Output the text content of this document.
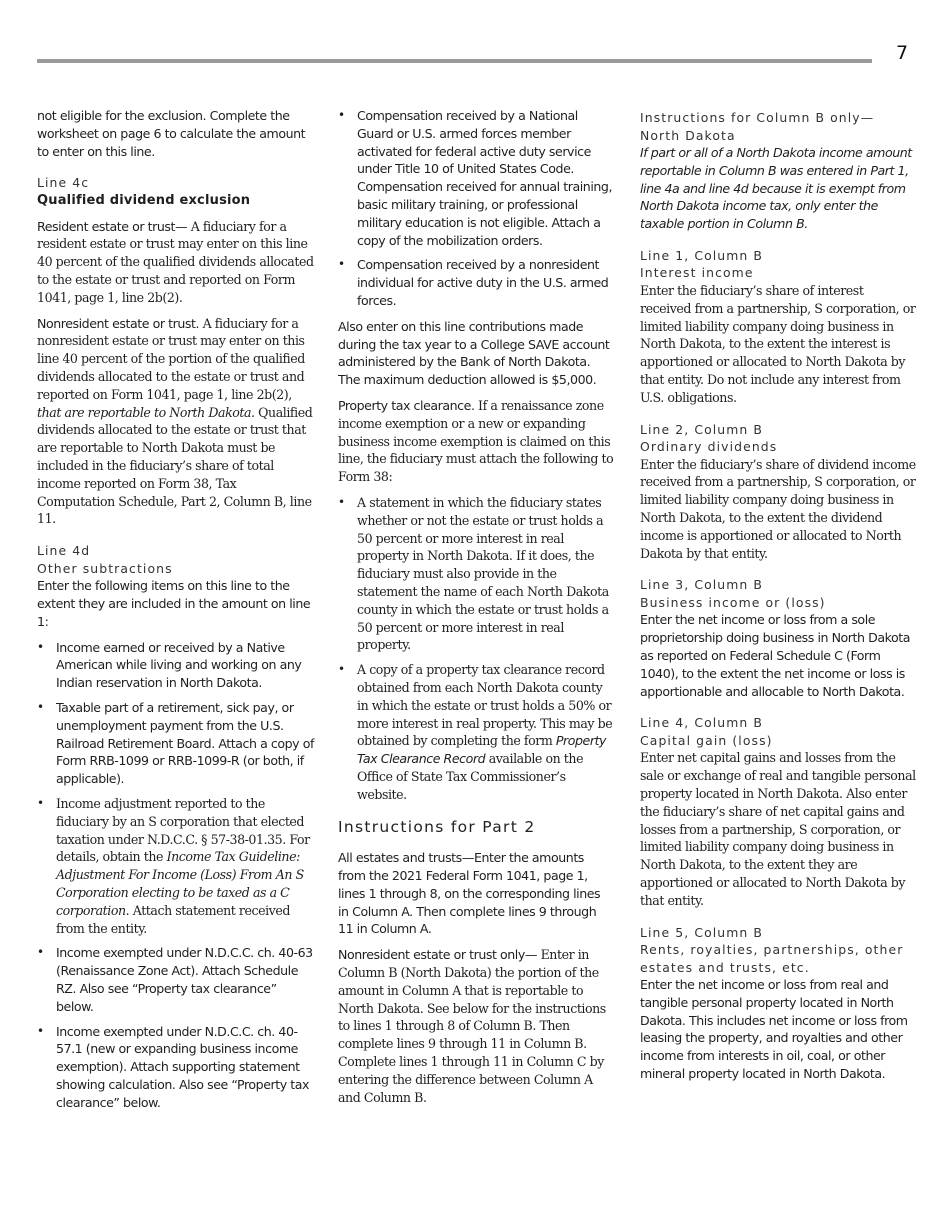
7

not eligible for the exclusion. Complete the worksheet on page 6 to calculate the amount to enter on this line.

Line 4c
Qualified dividend exclusion

Resident estate or trust— A fiduciary for a resident estate or trust may enter on this line 40 percent of the qualified dividends allocated to the estate or trust and reported on Form 1041, page 1, line 2b(2).

Nonresident estate or trust. A fiduciary for a nonresident estate or trust may enter on this line 40 percent of the portion of the qualified dividends allocated to the estate or trust and reported on Form 1041, page 1, line 2b(2), that are reportable to North Dakota. Qualified dividends allocated to the estate or trust that are reportable to North Dakota must be included in the fiduciary’s share of total income reported on Form 38, Tax Computation Schedule, Part 2, Column B, line 11.

Line 4d
Other subtractions

Enter the following items on this line to the extent they are included in the amount on line 1:

• Income earned or received by a Native American while living and working on any Indian reservation in North Dakota.
• Taxable part of a retirement, sick pay, or unemployment payment from the U.S. Railroad Retirement Board. Attach a copy of Form RRB-1099 or RRB-1099-R (or both, if applicable).
• Income adjustment reported to the fiduciary by an S corporation that elected taxation under N.D.C.C. § 57-38-01.35. For details, obtain the Income Tax Guideline: Adjustment For Income (Loss) From An S Corporation electing to be taxed as a C corporation. Attach statement received from the entity.
• Income exempted under N.D.C.C. ch. 40-63 (Renaissance Zone Act). Attach Schedule RZ. Also see “Property tax clearance” below.
• Income exempted under N.D.C.C. ch. 40-57.1 (new or expanding business income exemption). Attach supporting statement showing calculation. Also see “Property tax clearance” below.
• Compensation received by a National Guard or U.S. armed forces member activated for federal active duty service under Title 10 of United States Code. Compensation received for annual training, basic military training, or professional military education is not eligible. Attach a copy of the mobilization orders.
• Compensation received by a nonresident individual for active duty in the U.S. armed forces.

Also enter on this line contributions made during the tax year to a College SAVE account administered by the Bank of North Dakota. The maximum deduction allowed is $5,000.

Property tax clearance. If a renaissance zone income exemption or a new or expanding business income exemption is claimed on this line, the fiduciary must attach the following to Form 38:

• A statement in which the fiduciary states whether or not the estate or trust holds a 50 percent or more interest in real property in North Dakota. If it does, the fiduciary must also provide in the statement the name of each North Dakota county in which the estate or trust holds a 50 percent or more interest in real property.
• A copy of a property tax clearance record obtained from each North Dakota county in which the estate or trust holds a 50% or more interest in real property. This may be obtained by completing the form Property Tax Clearance Record available on the Office of State Tax Commissioner’s website.
Instructions for Part 2

All estates and trusts—Enter the amounts from the 2021 Federal Form 1041, page 1, lines 1 through 8, on the corresponding lines in Column A. Then complete lines 9 through 11 in Column A.

Nonresident estate or trust only— Enter in Column B (North Dakota) the portion of the amount in Column A that is reportable to North Dakota. See below for the instructions to lines 1 through 8 of Column B. Then complete lines 9 through 11 in Column B. Complete lines 1 through 11 in Column C by entering the difference between Column A and Column B.

Instructions for Column B only—
North Dakota

If part or all of a North Dakota income amount reportable in Column B was entered in Part 1, line 4a and line 4d because it is exempt from North Dakota income tax, only enter the taxable portion in Column B.

Line 1, Column B
Interest income

Enter the fiduciary’s share of interest received from a partnership, S corporation, or limited liability company doing business in North Dakota, to the extent the interest is apportioned or allocated to North Dakota by that entity. Do not include any interest from U.S. obligations.

Line 2, Column B
Ordinary dividends

Enter the fiduciary’s share of dividend income received from a partnership, S corporation, or limited liability company doing business in North Dakota, to the extent the dividend income is apportioned or allocated to North Dakota by that entity.

Line 3, Column B
Business income or (loss)

Enter the net income or loss from a sole proprietorship doing business in North Dakota as reported on Federal Schedule C (Form 1040), to the extent the net income or loss is apportionable and allocable to North Dakota.

Line 4, Column B
Capital gain (loss)

Enter net capital gains and losses from the sale or exchange of real and tangible personal property located in North Dakota. Also enter the fiduciary’s share of net capital gains and losses from a partnership, S corporation, or limited liability company doing business in North Dakota, to the extent they are apportioned or allocated to North Dakota by that entity.

Line 5, Column B
Rents, royalties, partnerships, other estates and trusts, etc.

Enter the net income or loss from real and tangible personal property located in North Dakota. This includes net income or loss from leasing the property, and royalties and other income from interests in oil, coal, or other mineral property located in North Dakota.
